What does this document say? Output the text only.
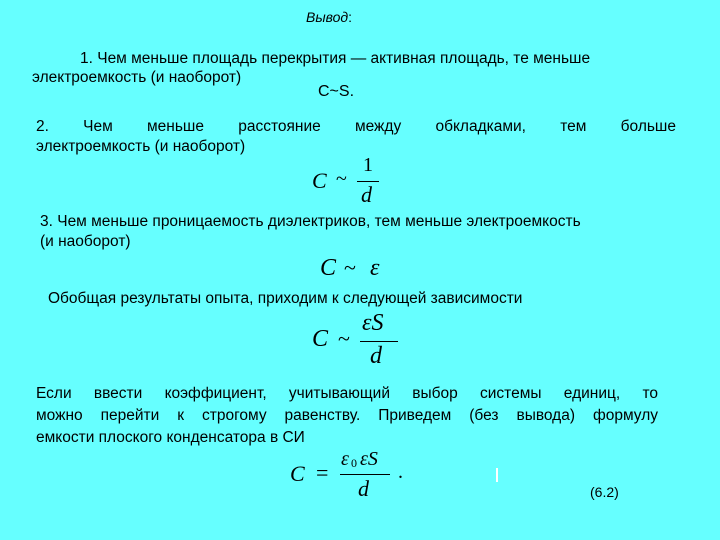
Вывод:
1. Чем меньше площадь перекрытия — активная площадь, те меньше
электроемкость (и наоборот)
C~S.
2. Чем меньше расстояние между обкладками, тем больше
электроемкость (и наоборот)
C ~
1
d
3. Чем меньше проницаемость диэлектриков, тем меньше электроемкость
(и наоборот)
C ~ ε
Обобщая результаты опыта, приходим к следующей зависимости
C ~
εS
d
Если ввести коэффициент, учитывающий выбор системы единиц, то
можно перейти к строгому равенству. Приведем (без вывода) формулу
емкости плоского конденсатора в СИ
C =
ε 0 εS
d
.
(6.2)
